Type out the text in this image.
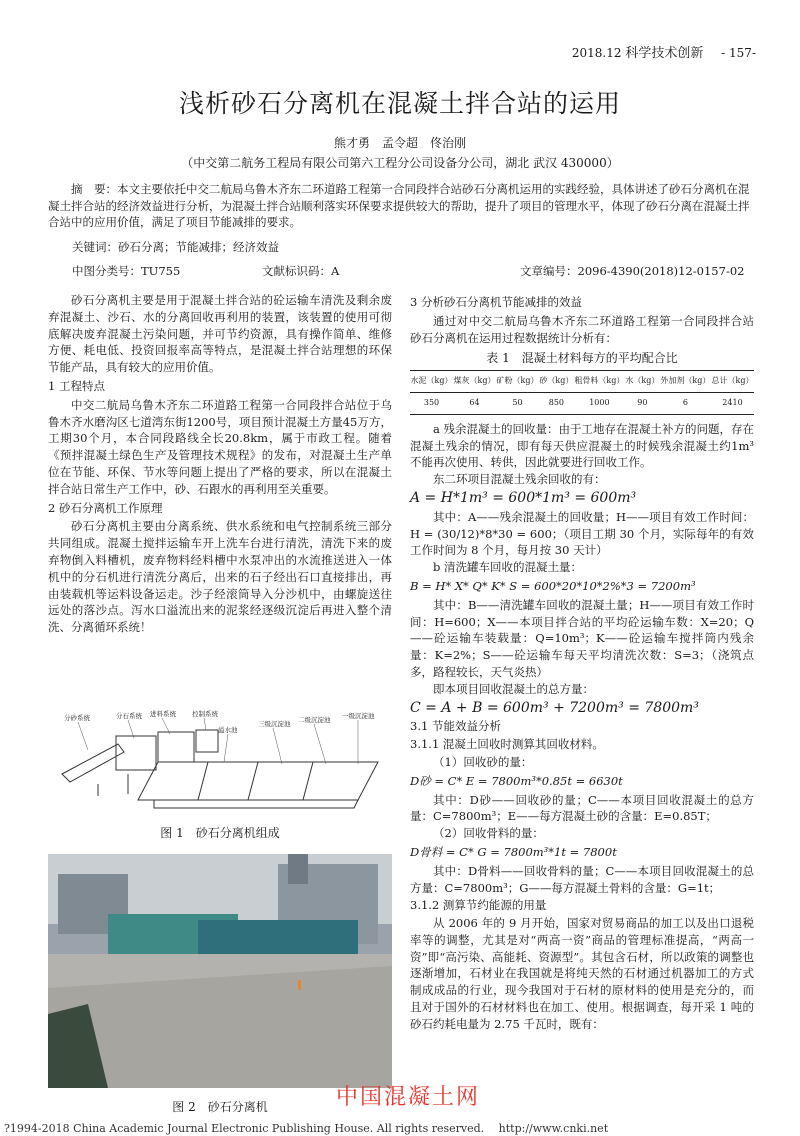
2018.12 科学技术创新 - 157-
浅析砂石分离机在混凝土拌合站的运用
熊才勇　孟令超　佟治刚
（中交第二航务工程局有限公司第六工程分公司设备分公司，湖北 武汉 430000）
摘　要：本文主要依托中交二航局乌鲁木齐东二环道路工程第一合同段拌合站砂石分离机运用的实践经验，具体讲述了砂石分离机在混凝土拌合站的经济效益进行分析，为混凝土拌合站顺利落实环保要求提供较大的帮助，提升了项目的管理水平，体现了砂石分离在混凝土拌合站中的应用价值，满足了项目节能减排的要求。
关键词：砂石分离；节能减排；经济效益
中图分类号：TU755	文献标识码：A	文章编号：2096-4390(2018)12-0157-02

砂石分离机主要是用于混凝土拌合站的砼运输车清洗及剩余废弃混凝土、沙石、水的分离回收再利用的装置，该装置的使用可彻底解决废弃混凝土污染问题，并可节约资源，具有操作简单、维修方便、耗电低、投资回报率高等特点，是混凝土拌合站理想的环保节能产品，具有较大的应用价值。

1 工程特点

中交二航局乌鲁木齐东二环道路工程第一合同段拌合站位于乌鲁木齐水磨沟区七道湾东街1200号，项目预计混凝土方量45万方，工期30个月，本合同段路线全长20.8km，属于市政工程。随着《预拌混凝土绿色生产及管理技术规程》的发布，对混凝土生产单位在节能、环保、节水等问题上提出了严格的要求，所以在混凝土拌合站日常生产工作中，砂、石跟水的再利用至关重要。

2 砂石分离机工作原理

砂石分离机主要由分离系统、供水系统和电气控制系统三部分共同组成。混凝土搅拌运输车开上洗车台进行清洗，清洗下来的废弃物倒入料槽机，废弃物料经料槽中水泵冲出的水流推送进入一体机中的分石机进行清洗分离后，出来的石子经出石口直接排出，再由装载机等运料设备运走。沙子经滚筒导入分沙机中，由螺旋送往远处的落沙点。泻水口溢流出来的泥浆经逐级沉淀后再进入整个清洗、分离循环系统！

分砂系统	分石系统 进料系统 控制系统
溢水池
三级沉淀池 二级沉淀池 一级沉淀池
图 1　砂石分离机组成
图 2　砂石分离机
3 分析砂石分离机节能减排的效益

通过对中交二航局乌鲁木齐东二环道路工程第一合同段拌合站砂石分离机在运用过程数据统计分析有：

表 1　混凝土材料每方的平均配合比
水泥（kg）	煤灰（kg）	矿粉（kg）	砂（kg）	粗骨料（kg）	水（kg）	外加剂（kg）	总计（kg）
350	64	50	850	1000	90	6	2410

a 残余混凝土的回收量：由于工地存在混凝土补方的问题，存在混凝土残余的情况，即有每天供应混凝土的时候残余混凝土约1m³不能再次使用、转供，因此就要进行回收工作。

东二环项目混凝土残余回收的有：

A = H*1m³ = 600*1m³ = 600m³

其中：A——残余混凝土的回收量；H——项目有效工作时间：H = (30/12)*8*30 = 600；（项目工期 30 个月，实际每年的有效工作时间为 8 个月，每月按 30 天计）

b 清洗罐车回收的混凝土量：

B = H* X* Q* K* S = 600*20*10*2%*3 = 7200m³

其中：B——清洗罐车回收的混凝土量；H——项目有效工作时间：H=600；X——本项目拌合站的平均砼运输车数：X=20；Q——砼运输车装载量：Q=10m³；K——砼运输车搅拌筒内残余量：K=2%；S——砼运输车每天平均清洗次数：S=3；（浇筑点多，路程较长，天气炎热）

即本项目回收混凝土的总方量：

C = A + B = 600m³ + 7200m³ = 7800m³
3.1 节能效益分析
3.1.1 混凝土回收时测算其回收材料。

（1）回收砂的量：

D砂 = C* E = 7800m³*0.85t = 6630t

其中：D砂——回收砂的量；C——本项目回收混凝土的总方量：C=7800m³；E——每方混凝土砂的含量：E=0.85T；

（2）回收骨料的量：

D骨料 = C* G = 7800m³*1t = 7800t

其中：D骨料——回收骨料的量；C——本项目回收混凝土的总方量：C=7800m³；G——每方混凝土骨料的含量：G=1t；

3.1.2 测算节约能源的用量

从 2006 年的 9 月开始，国家对贸易商品的加工以及出口退税率等的调整，尤其是对“两高一资”商品的管理标准提高，“两高一资”即“高污染、高能耗、资源型”。其包含石材，所以政策的调整也逐渐增加，石材业在我国就是将纯天然的石材通过机器加工的方式制成成品的行业，现今我国对于石材的原材料的使用是充分的，而且对于国外的石材材料也在加工、使用。根据调查，每开采 1 吨的砂石约耗电量为 2.75 千瓦时，既有：

中国混凝土网
?1994-2018 China Academic Journal Electronic Publishing House. All rights reserved.　 http://www.cnki.net
